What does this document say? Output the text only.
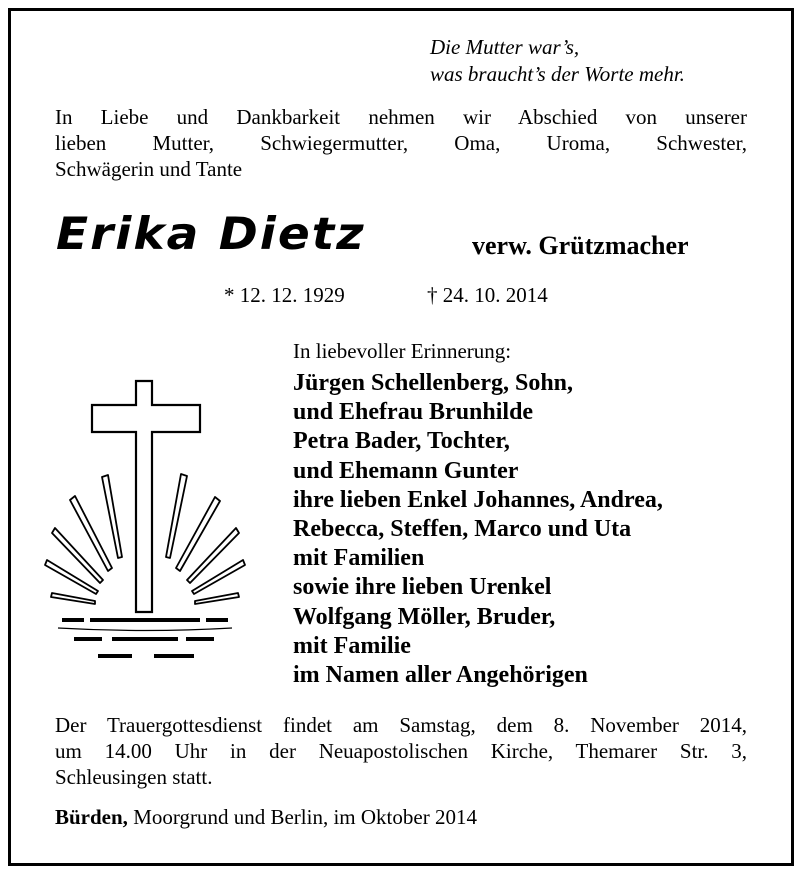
Die Mutter war’s,
was braucht’s der Worte mehr.
In Liebe und Dankbarkeit nehmen wir Abschied von unserer
lieben Mutter, Schwiegermutter, Oma, Uroma, Schwester,
Schwägerin und Tante
Erika Dietz	verw. Grützmacher
* 12. 12. 1929	† 24. 10. 2014
In liebevoller Erinnerung:
Jürgen Schellenberg, Sohn,
und Ehefrau Brunhilde
Petra Bader, Tochter,
und Ehemann Gunter
ihre lieben Enkel Johannes, Andrea,
Rebecca, Steffen, Marco und Uta
mit Familien
sowie ihre lieben Urenkel
Wolfgang Möller, Bruder,
mit Familie
im Namen aller Angehörigen
Der Trauergottesdienst findet am Samstag, dem 8. November 2014,
um 14.00 Uhr in der Neuapostolischen Kirche, Themarer Str. 3,
Schleusingen statt.
Bürden, Moorgrund und Berlin, im Oktober 2014
